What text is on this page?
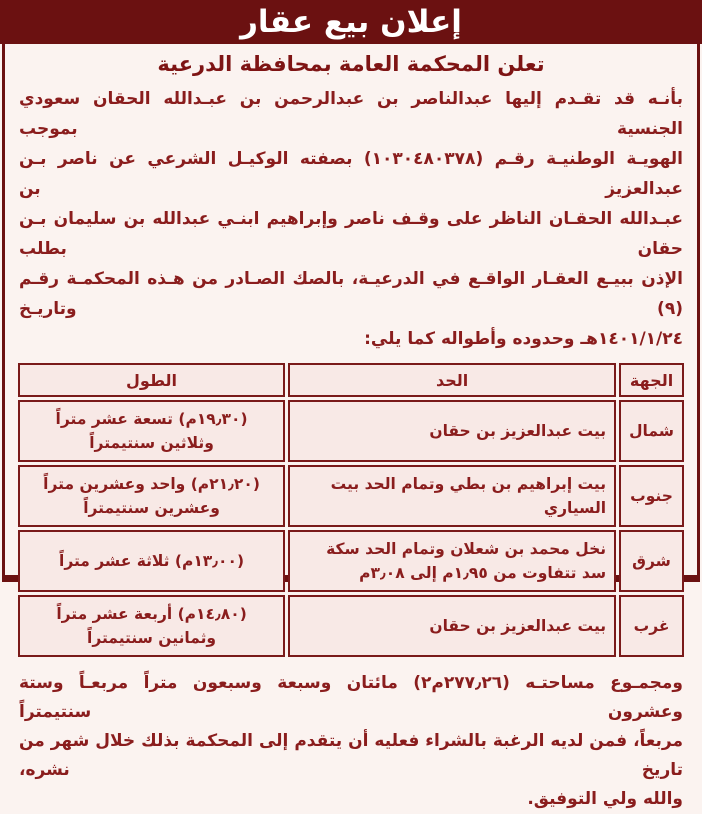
إعلان بيع عقار
تعلن المحكمة العامة بمحافظة الدرعية
بأنـه قد تقـدم إليها عبدالناصر بن عبدالرحمن بن عبـدالله الحقان سعودي الجنسية بموجب
الهويـة الوطنيـة رقـم (١٠٣٠٤٨٠٣٧٨) بصفته الوكيـل الشرعي عن ناصر بـن عبدالعزيز بن
عبـدالله الحقـان الناظر على وقـف ناصر وإبراهيم ابنـي عبدالله بن سليمان بـن حقان بطلب
الإذن ببيـع العقـار الواقـع في الدرعيـة، بالصك الصـادر من هـذه المحكمـة رقـم (٩) وتاريـخ
١٤٠١/١/٢٤هـ وحدوده وأطواله كما يلي:
الجهة	الحد	الطول
شمال	بيت عبدالعزيز بن حقان	(١٩٫٣٠م) تسعة عشر متراً وثلاثين سنتيمتراً
جنوب	بيت إبراهيم بن بطي وتمام الحد بيت السياري	(٢١٫٢٠م) واحد وعشرين متراً وعشرين سنتيمتراً
شرق	نخل محمد بن شعلان وتمام الحد سكة سد تتفاوت من ١٫٩٥م إلى ٣٫٠٨م	(١٣٫٠٠م) ثلاثة عشر متراً
غرب	بيت عبدالعزيز بن حقان	(١٤٫٨٠م) أربعة عشر متراً وثمانين سنتيمتراً
ومجمـوع مساحتـه (٢٧٧٫٢٦م٢) مائتان وسبعة وسبعون متراً مربعـاً وستة وعشرون سنتيمتراً
مربعاً، فمن لديه الرغبة بالشراء فعليه أن يتقدم إلى المحكمة بذلك خلال شهر من تاريخ نشره،
والله ولي التوفيق.
